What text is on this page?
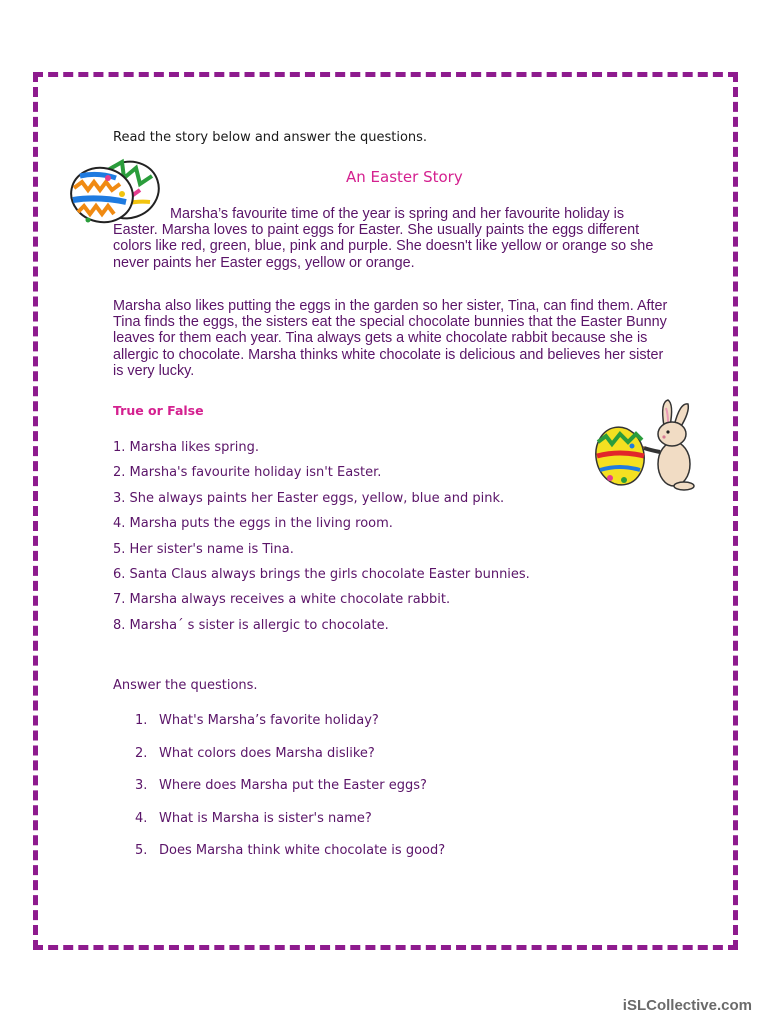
Read the story below and answer the questions.
An Easter Story

Marsha’s favourite time of the year is spring and her favourite holiday is Easter. Marsha loves to paint eggs for Easter. She usually paints the eggs different colors like red, green, blue, pink and purple. She doesn't like yellow or orange so she never paints her Easter eggs, yellow or orange.

Marsha also likes putting the eggs in the garden so her sister, Tina, can find them. After Tina finds the eggs, the sisters eat the special chocolate bunnies that the Easter Bunny leaves for them each year. Tina always gets a white chocolate rabbit because she is allergic to chocolate. Marsha thinks white chocolate is delicious and believes her sister is very lucky.

True or False
1. Marsha likes spring.
2. Marsha's favourite holiday isn't Easter.
3. She always paints her Easter eggs, yellow, blue and pink.
4. Marsha puts the eggs in the living room.
5. Her sister's name is Tina.
6. Santa Claus always brings the girls chocolate Easter bunnies.
7. Marsha always receives a white chocolate rabbit.
8. Marsha´ s sister is allergic to chocolate.
Answer the questions.
1. What's Marsha’s favorite holiday?
2. What colors does Marsha dislike?
3. Where does Marsha put the Easter eggs?
4. What is Marsha is sister's name?
5. Does Marsha think white chocolate is good?
iSLCollective.com
